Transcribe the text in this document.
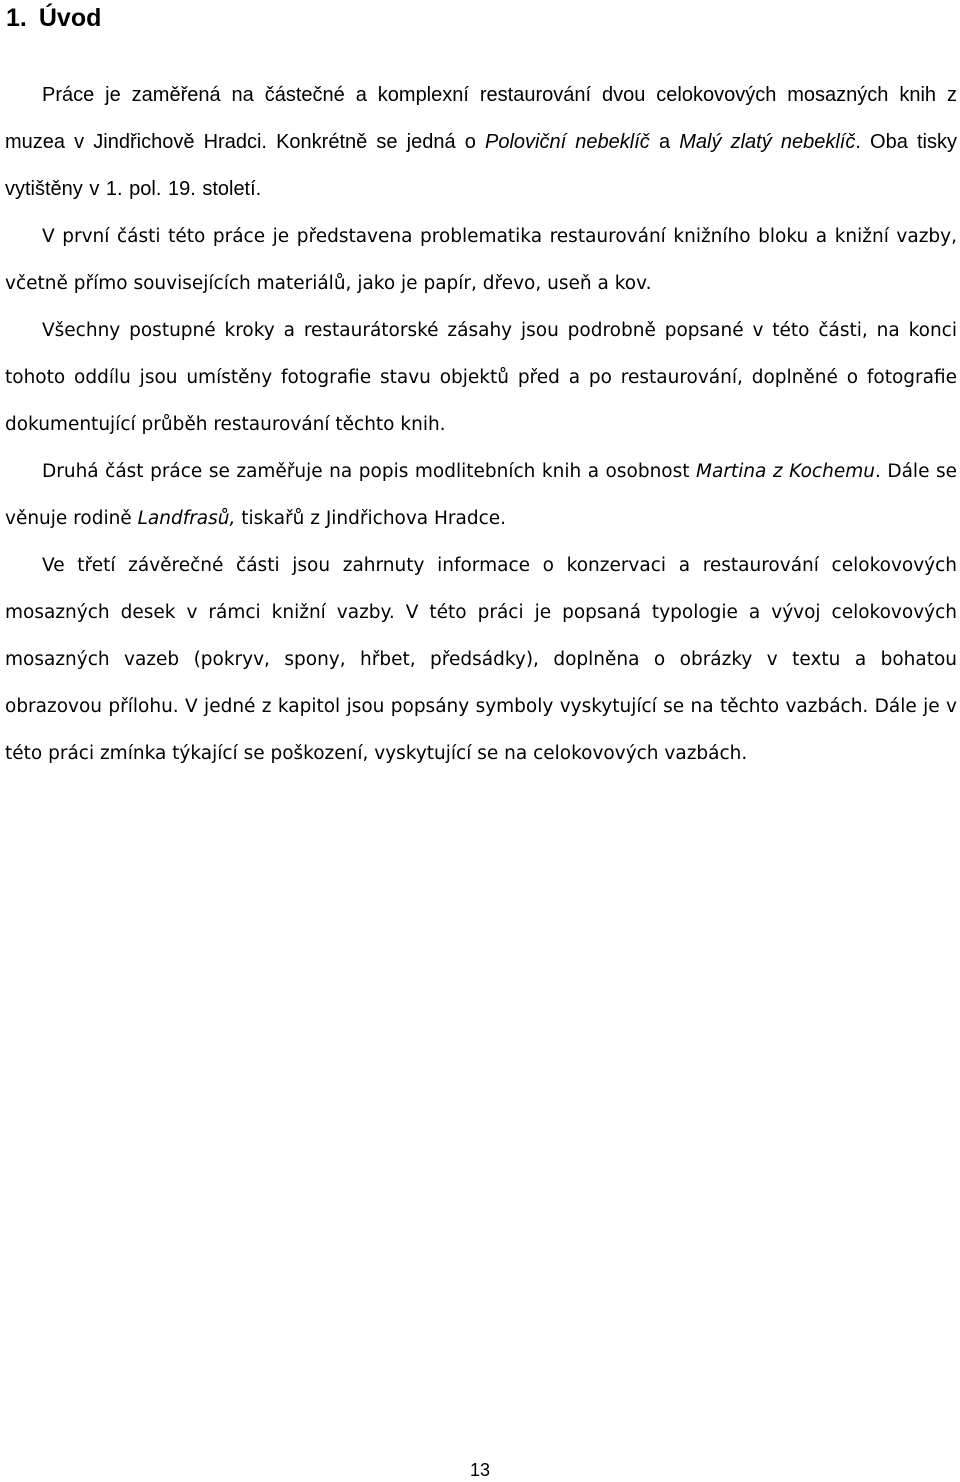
1. Úvod

Práce je zaměřená na částečné a komplexní restaurování dvou celokovových mosazných knih z muzea v Jindřichově Hradci. Konkrétně se jedná o Poloviční nebeklíč a Malý zlatý nebeklíč. Oba tisky vytištěny v 1. pol. 19. století.

V první části této práce je představena problematika restaurování knižního bloku a knižní vazby, včetně přímo souvisejících materiálů, jako je papír, dřevo, useň a kov.

Všechny postupné kroky a restaurátorské zásahy jsou podrobně popsané v této části, na konci tohoto oddílu jsou umístěny fotografie stavu objektů před a po restaurování, doplněné o fotografie dokumentující průběh restaurování těchto knih.

Druhá část práce se zaměřuje na popis modlitebních knih a osobnost Martina z Kochemu. Dále se věnuje rodině Landfrasů, tiskařů z Jindřichova Hradce.

Ve třetí závěrečné části jsou zahrnuty informace o konzervaci a restaurování celokovových mosazných desek v rámci knižní vazby. V této práci je popsaná typologie a vývoj celokovových mosazných vazeb (pokryv, spony, hřbet, předsádky), doplněna o obrázky v textu a bohatou obrazovou přílohu. V jedné z kapitol jsou popsány symboly vyskytující se na těchto vazbách. Dále je v této práci zmínka týkající se poškození, vyskytující se na celokovových vazbách.

13
